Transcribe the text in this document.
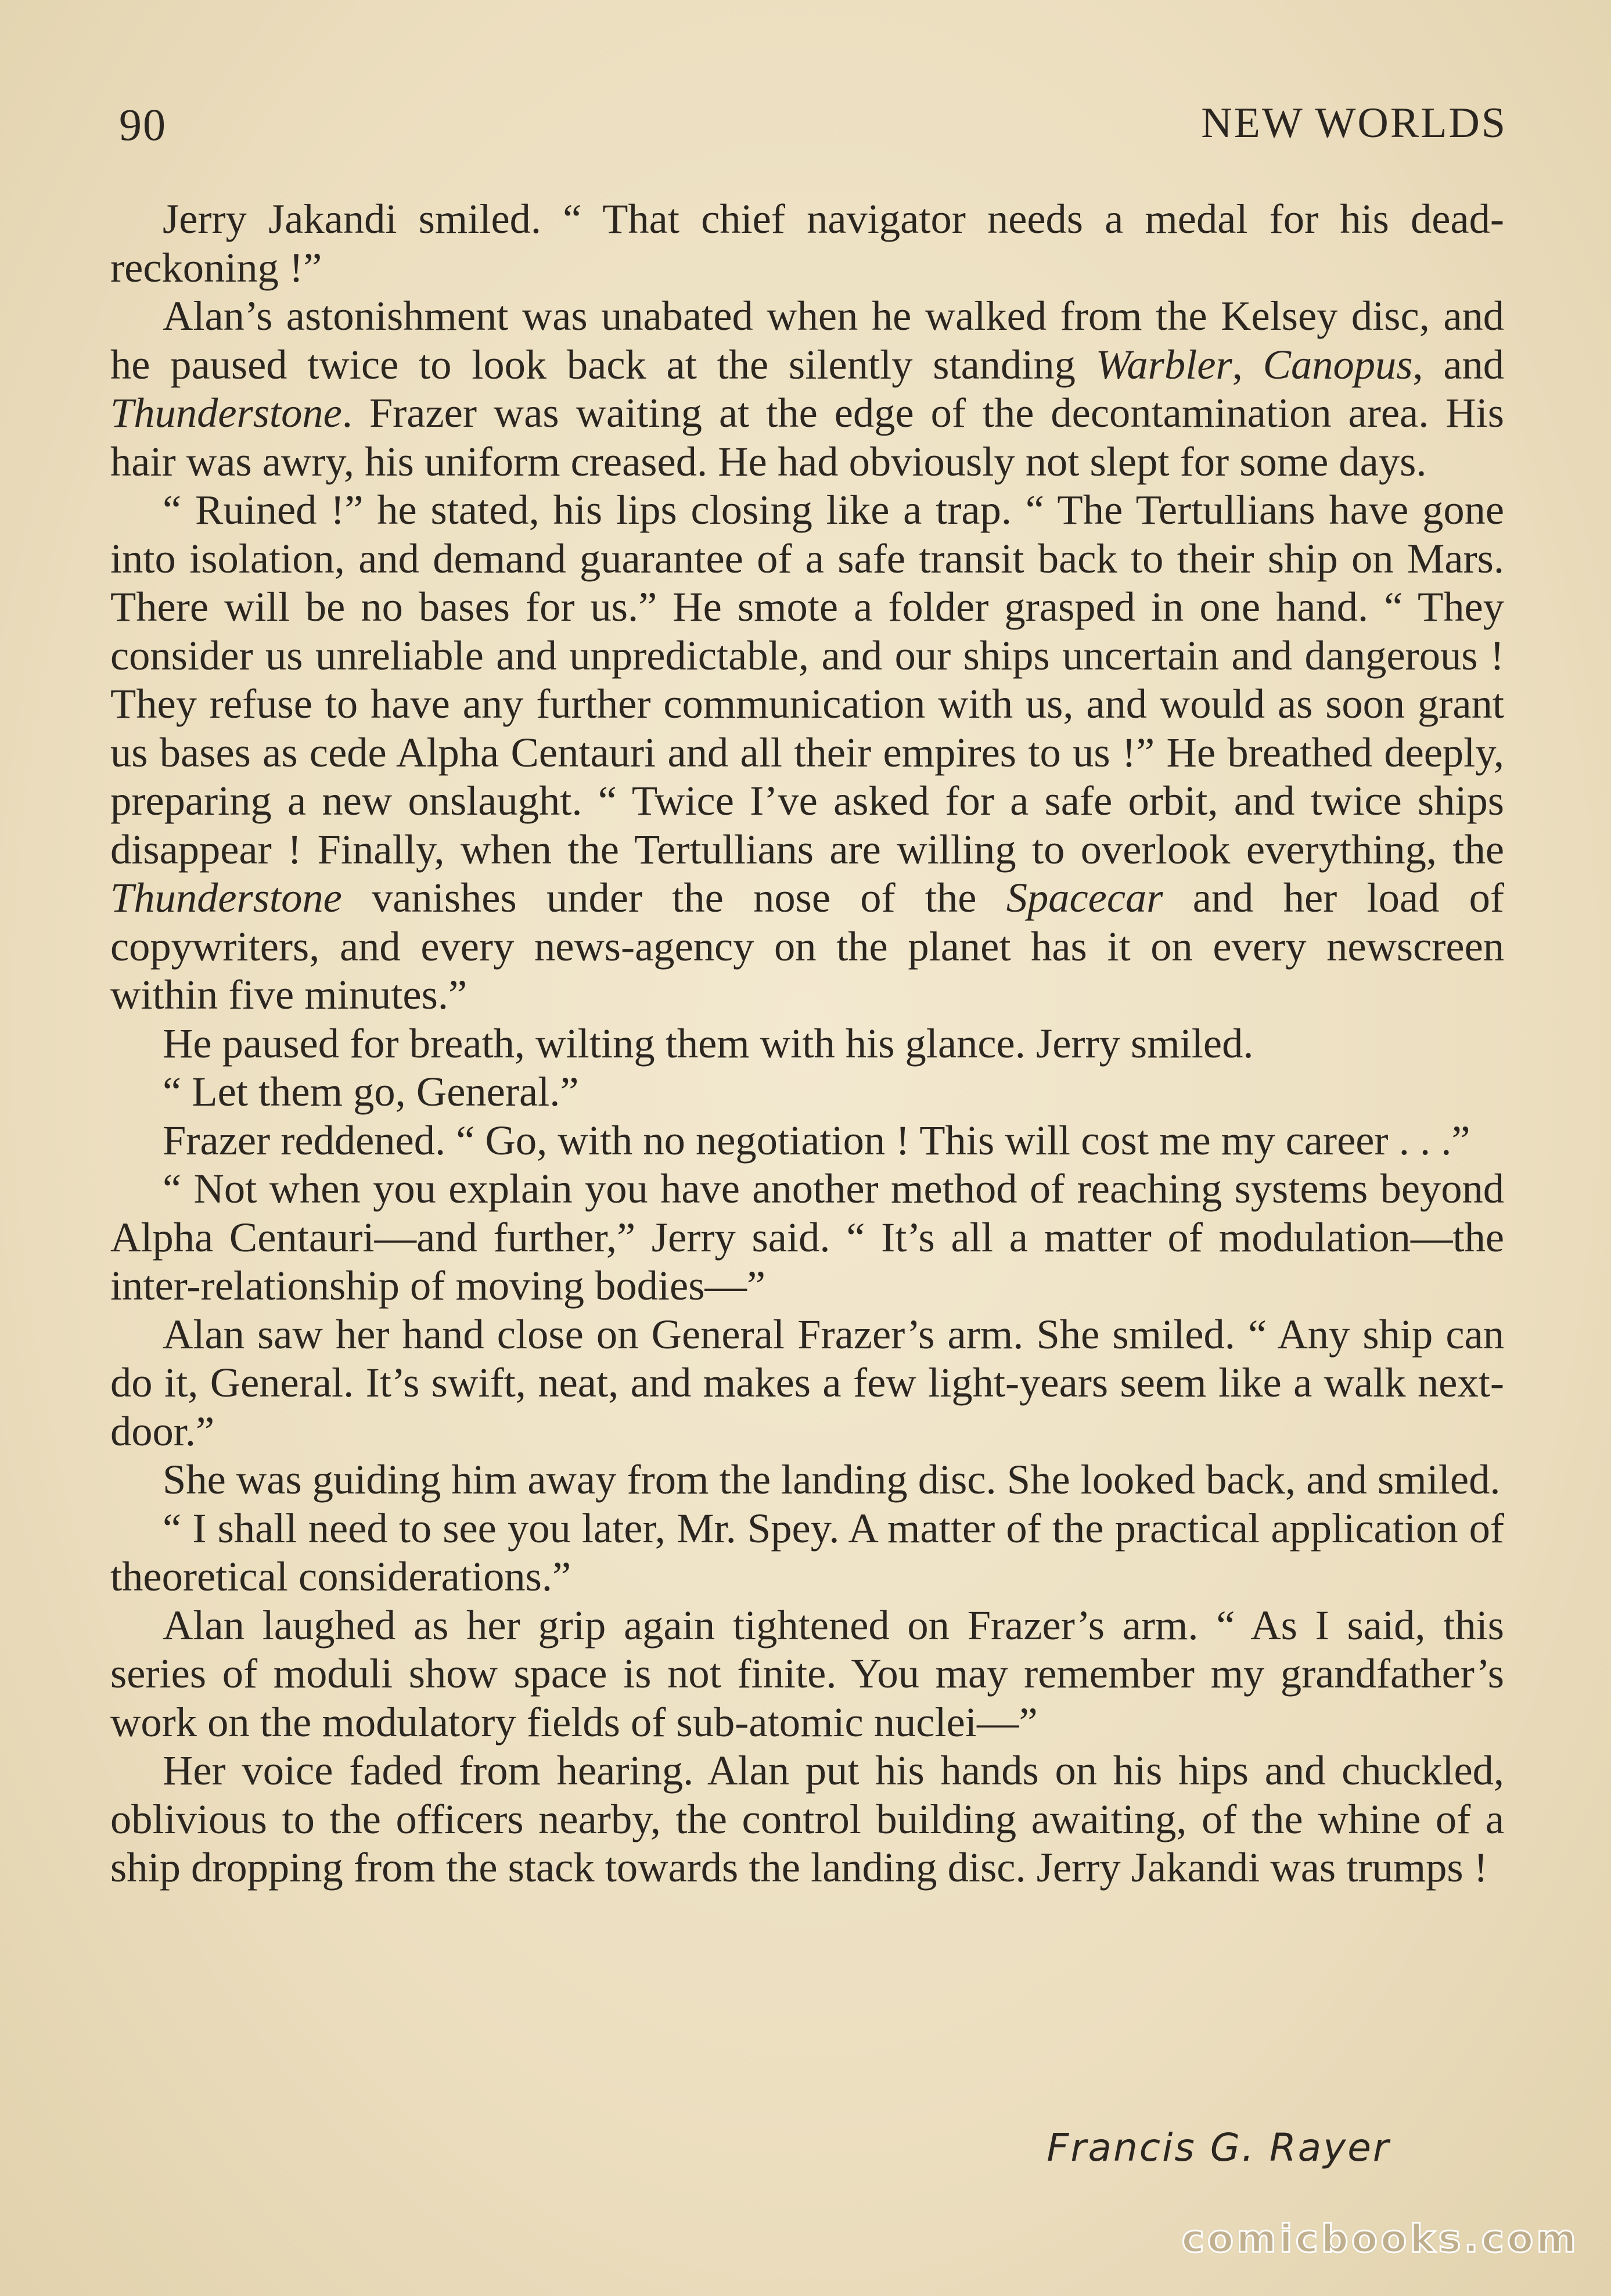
90	NEW WORLDS

Jerry Jakandi smiled. “ That chief navigator needs a medal for his dead-reckoning !”

Alan’s astonishment was unabated when he walked from the Kelsey disc, and he paused twice to look back at the silently standing Warbler, Canopus, and Thunderstone. Frazer was waiting at the edge of the decontamination area. His hair was awry, his uniform creased. He had obviously not slept for some days.

“ Ruined !” he stated, his lips closing like a trap. “ The Tertullians have gone into isolation, and demand guarantee of a safe transit back to their ship on Mars. There will be no bases for us.” He smote a folder grasped in one hand. “ They consider us unreliable and unpredictable, and our ships uncertain and dangerous ! They refuse to have any further communication with us, and would as soon grant us bases as cede Alpha Centauri and all their empires to us !” He breathed deeply, preparing a new onslaught. “ Twice I’ve asked for a safe orbit, and twice ships disappear ! Finally, when the Tertullians are willing to overlook everything, the Thunderstone vanishes under the nose of the Spacecar and her load of copywriters, and every news-agency on the planet has it on every newscreen within five minutes.”

He paused for breath, wilting them with his glance. Jerry smiled.

“ Let them go, General.”

Frazer reddened. “ Go, with no negotiation ! This will cost me my career . . .”

“ Not when you explain you have another method of reaching systems beyond Alpha Centauri—and further,” Jerry said. “ It’s all a matter of modulation—the inter-relationship of moving bodies—”

Alan saw her hand close on General Frazer’s arm. She smiled. “ Any ship can do it, General. It’s swift, neat, and makes a few light-years seem like a walk next-door.”

She was guiding him away from the landing disc. She looked back, and smiled.

“ I shall need to see you later, Mr. Spey. A matter of the practical application of theoretical considerations.”

Alan laughed as her grip again tightened on Frazer’s arm. “ As I said, this series of moduli show space is not finite. You may remember my grandfather’s work on the modulatory fields of sub-atomic nuclei—”

Her voice faded from hearing. Alan put his hands on his hips and chuckled, oblivious to the officers nearby, the control building awaiting, of the whine of a ship dropping from the stack towards the landing disc. Jerry Jakandi was trumps !

Francis G. Rayer
comicbooks.com
